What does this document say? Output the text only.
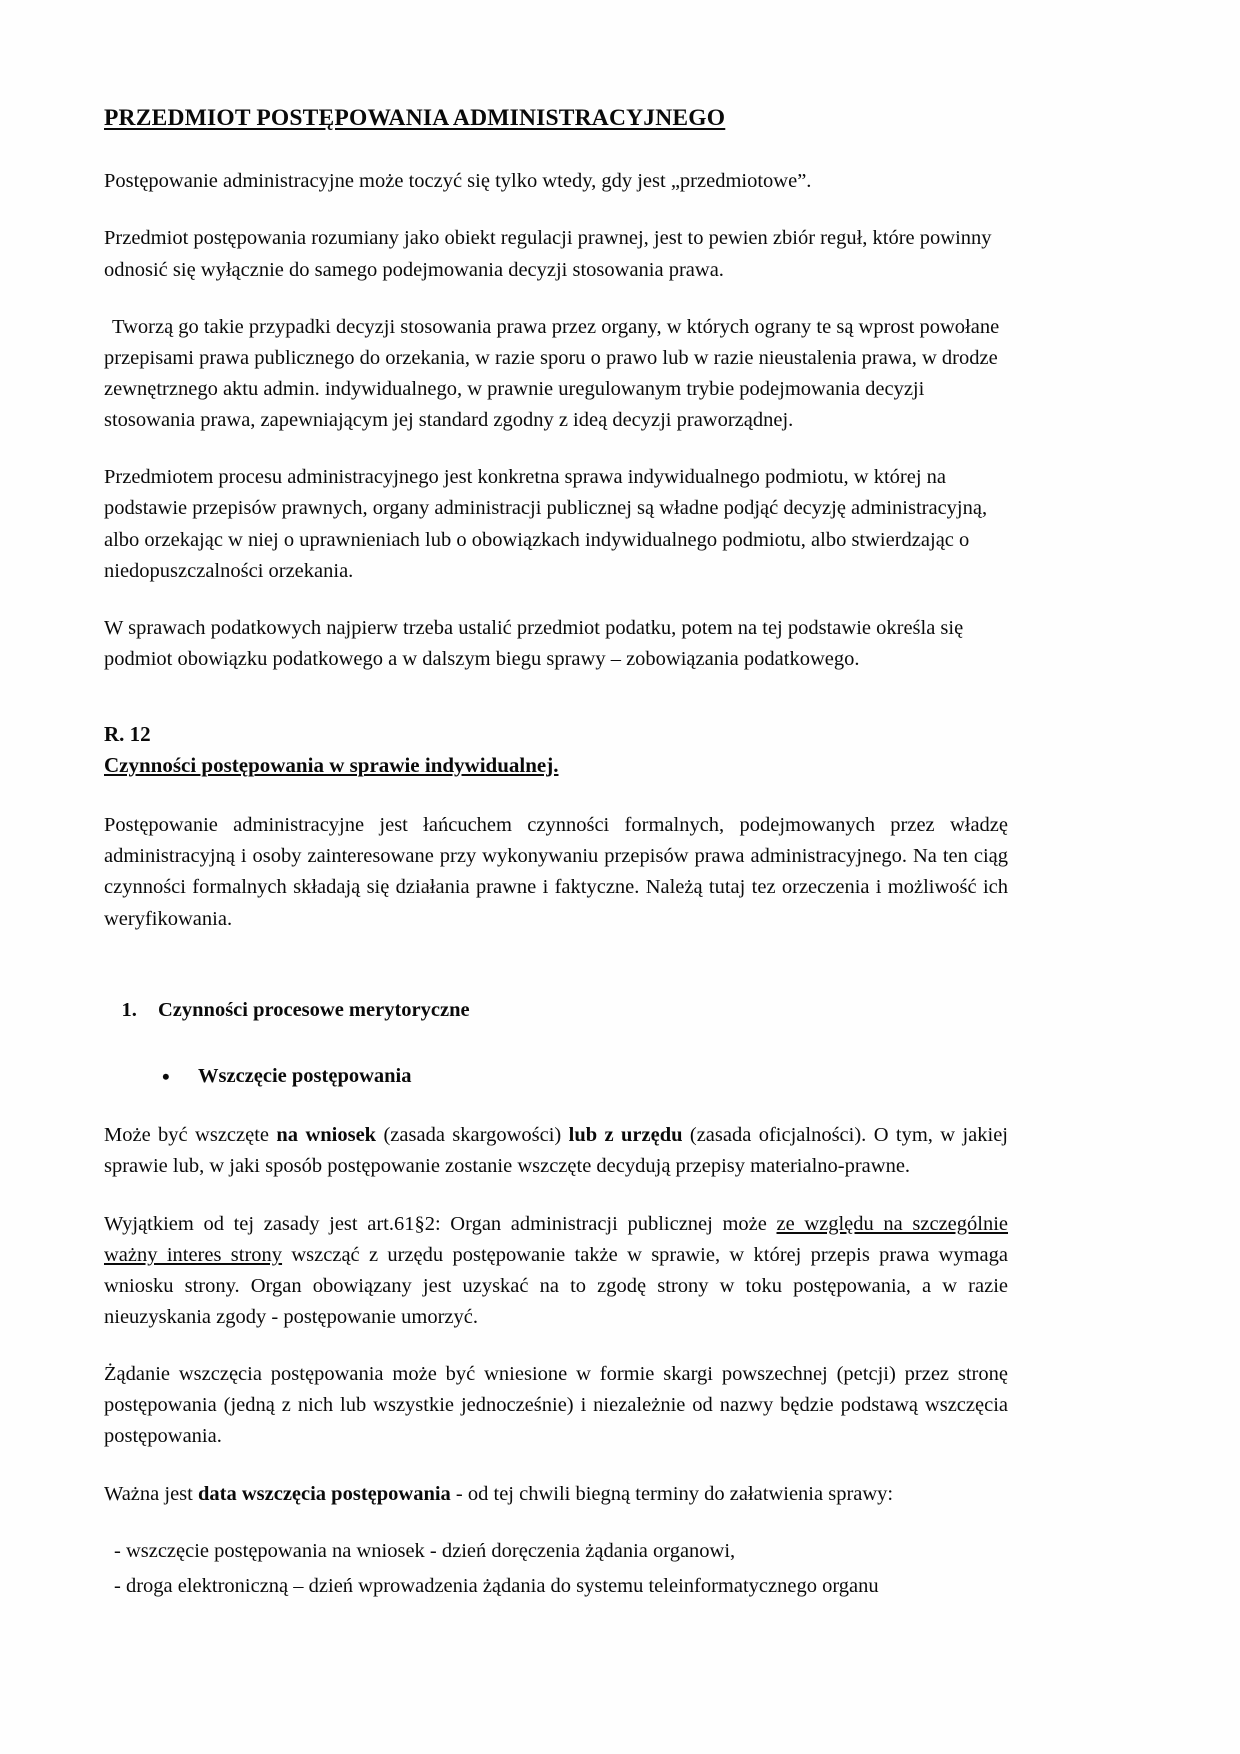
PRZEDMIOT POSTĘPOWANIA ADMINISTRACYJNEGO

Postępowanie administracyjne może toczyć się tylko wtedy, gdy jest „przedmiotowe”.

Przedmiot postępowania rozumiany jako obiekt regulacji prawnej, jest to pewien zbiór reguł, które powinny odnosić się wyłącznie do samego podejmowania decyzji stosowania prawa.

Tworzą go takie przypadki decyzji stosowania prawa przez organy, w których ograny te są wprost powołane przepisami prawa publicznego do orzekania, w razie sporu o prawo lub w razie nieustalenia prawa, w drodze zewnętrznego aktu admin. indywidualnego, w prawnie uregulowanym trybie podejmowania decyzji stosowania prawa, zapewniającym jej standard zgodny z ideą decyzji praworządnej.

Przedmiotem procesu administracyjnego jest konkretna sprawa indywidualnego podmiotu, w której na podstawie przepisów prawnych, organy administracji publicznej są władne podjąć decyzję administracyjną, albo orzekając w niej o uprawnieniach lub o obowiązkach indywidualnego podmiotu, albo stwierdzając o niedopuszczalności orzekania.

W sprawach podatkowych najpierw trzeba ustalić przedmiot podatku, potem na tej podstawie określa się podmiot obowiązku podatkowego a w dalszym biegu sprawy – zobowiązania podatkowego.

R. 12
Czynności postępowania w sprawie indywidualnej.

Postępowanie administracyjne jest łańcuchem czynności formalnych, podejmowanych przez władzę administracyjną i osoby zainteresowane przy wykonywaniu przepisów prawa administracyjnego. Na ten ciąg czynności formalnych składają się działania prawne i faktyczne. Należą tutaj tez orzeczenia i możliwość ich weryfikowania.

1. Czynności procesowe merytoryczne
• Wszczęcie postępowania

Może być wszczęte na wniosek (zasada skargowości) lub z urzędu (zasada oficjalności). O tym, w jakiej sprawie lub, w jaki sposób postępowanie zostanie wszczęte decydują przepisy materialno-prawne.

Wyjątkiem od tej zasady jest art.61§2: Organ administracji publicznej może ze względu na szczególnie ważny interes strony wszcząć z urzędu postępowanie także w sprawie, w której przepis prawa wymaga wniosku strony. Organ obowiązany jest uzyskać na to zgodę strony w toku postępowania, a w razie nieuzyskania zgody - postępowanie umorzyć.

Żądanie wszczęcia postępowania może być wniesione w formie skargi powszechnej (petcji) przez stronę postępowania (jedną z nich lub wszystkie jednocześnie) i niezależnie od nazwy będzie podstawą wszczęcia postępowania.

Ważna jest data wszczęcia postępowania - od tej chwili biegną terminy do załatwienia sprawy:

- wszczęcie postępowania na wniosek - dzień doręczenia żądania organowi,
- droga elektroniczną – dzień wprowadzenia żądania do systemu teleinformatycznego organu
